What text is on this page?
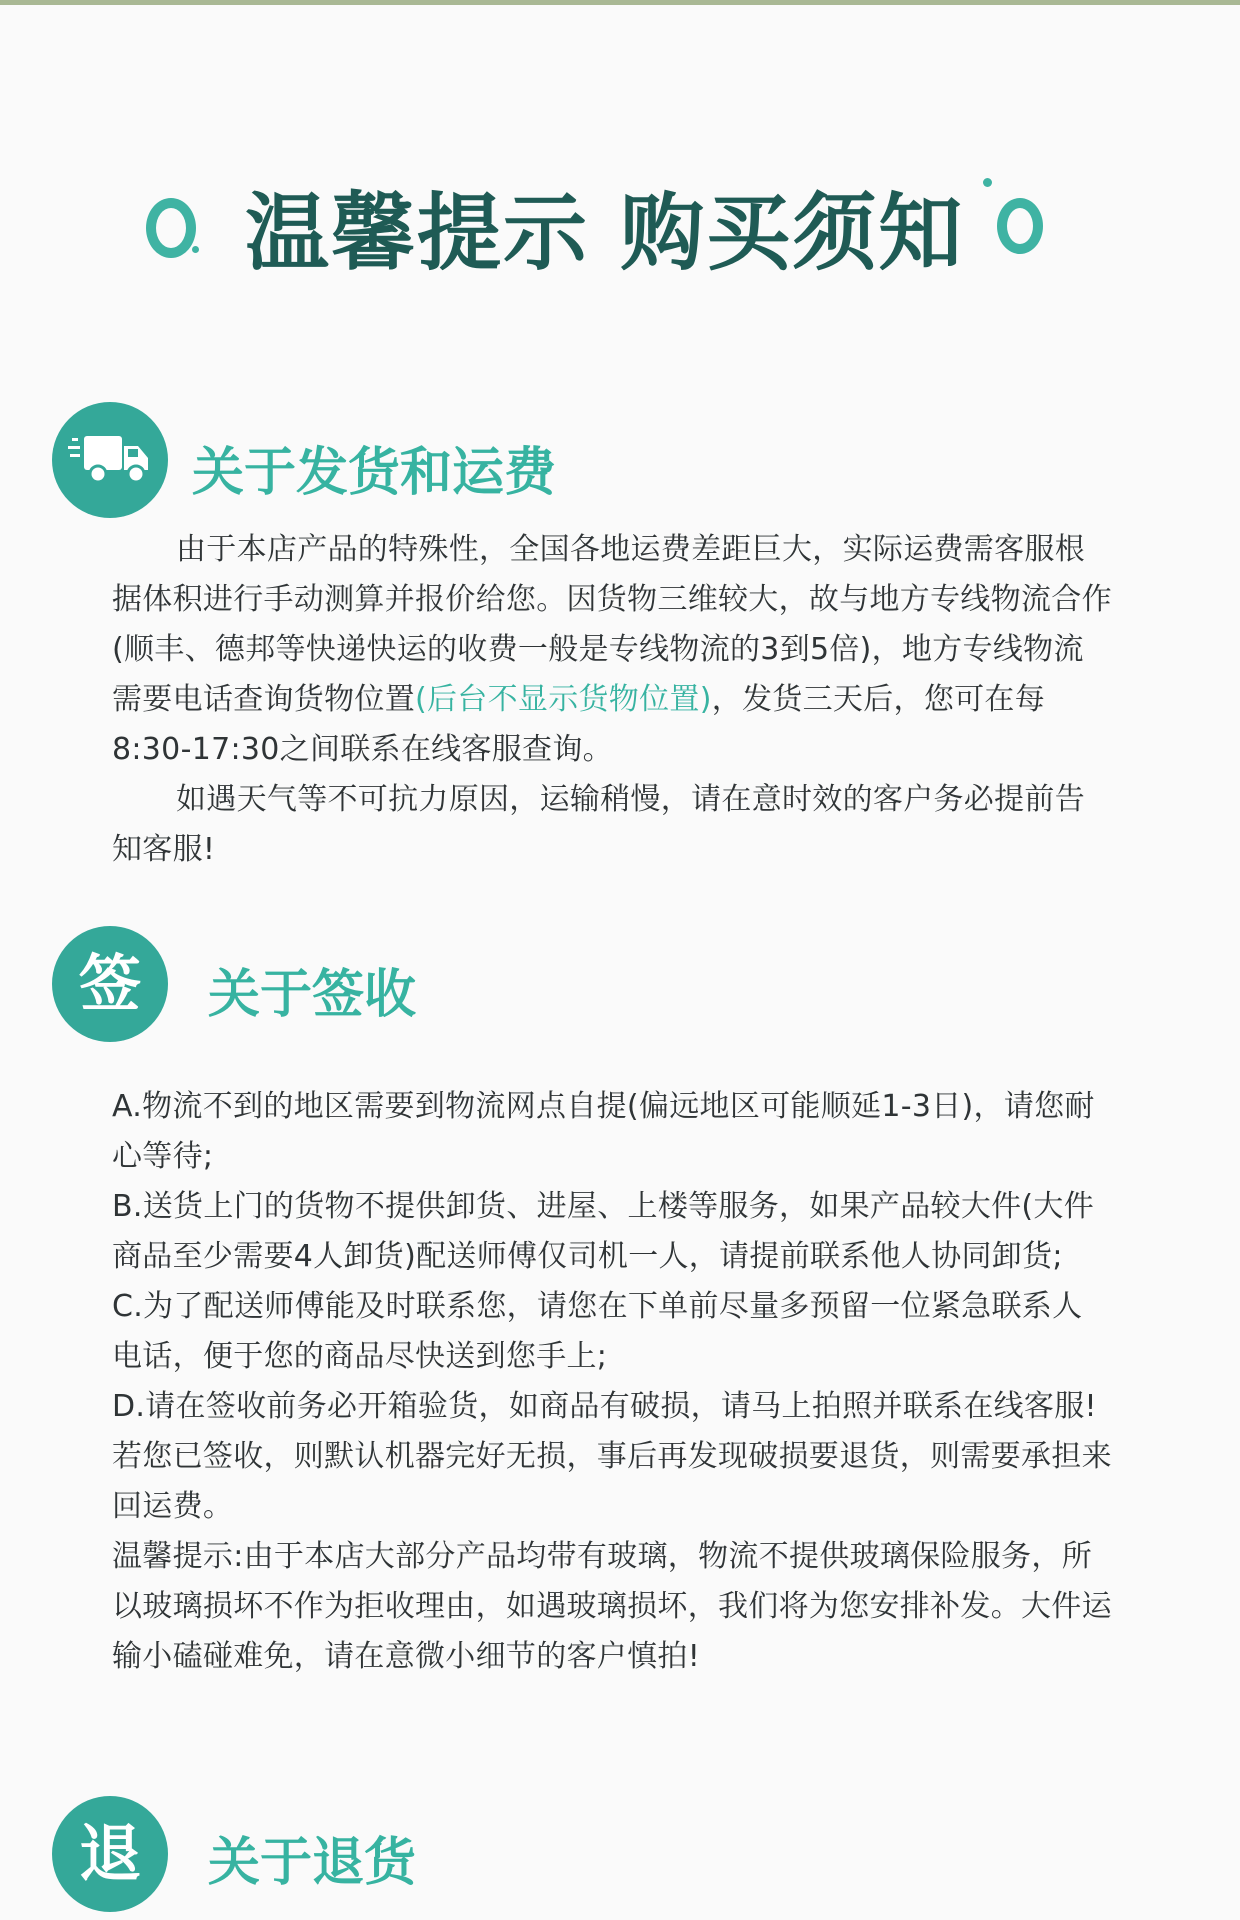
温馨提示 购买须知
关于发货和运费

由于本店产品的特殊性，全国各地运费差距巨大，实际运费需客服根据体积进行手动测算并报价给您。因货物三维较大，故与地方专线物流合作(顺丰、德邦等快递快运的收费一般是专线物流的3到5倍)，地方专线物流需要电话查询货物位置(后台不显示货物位置)，发货三天后，您可在每8:30-17:30之间联系在线客服查询。

如遇天气等不可抗力原因，运输稍慢，请在意时效的客户务必提前告知客服!

签 关于签收
A.物流不到的地区需要到物流网点自提(偏远地区可能顺延1-3日)，请您耐心等待;
B.送货上门的货物不提供卸货、进屋、上楼等服务，如果产品较大件(大件商品至少需要4人卸货)配送师傅仅司机一人，请提前联系他人协同卸货;
C.为了配送师傅能及时联系您，请您在下单前尽量多预留一位紧急联系人电话，便于您的商品尽快送到您手上;
D.请在签收前务必开箱验货，如商品有破损，请马上拍照并联系在线客服!若您已签收，则默认机器完好无损，事后再发现破损要退货，则需要承担来回运费。
温馨提示:由于本店大部分产品均带有玻璃，物流不提供玻璃保险服务，所以玻璃损坏不作为拒收理由，如遇玻璃损坏，我们将为您安排补发。大件运输小磕碰难免，请在意微小细节的客户慎拍!
退 关于退货
